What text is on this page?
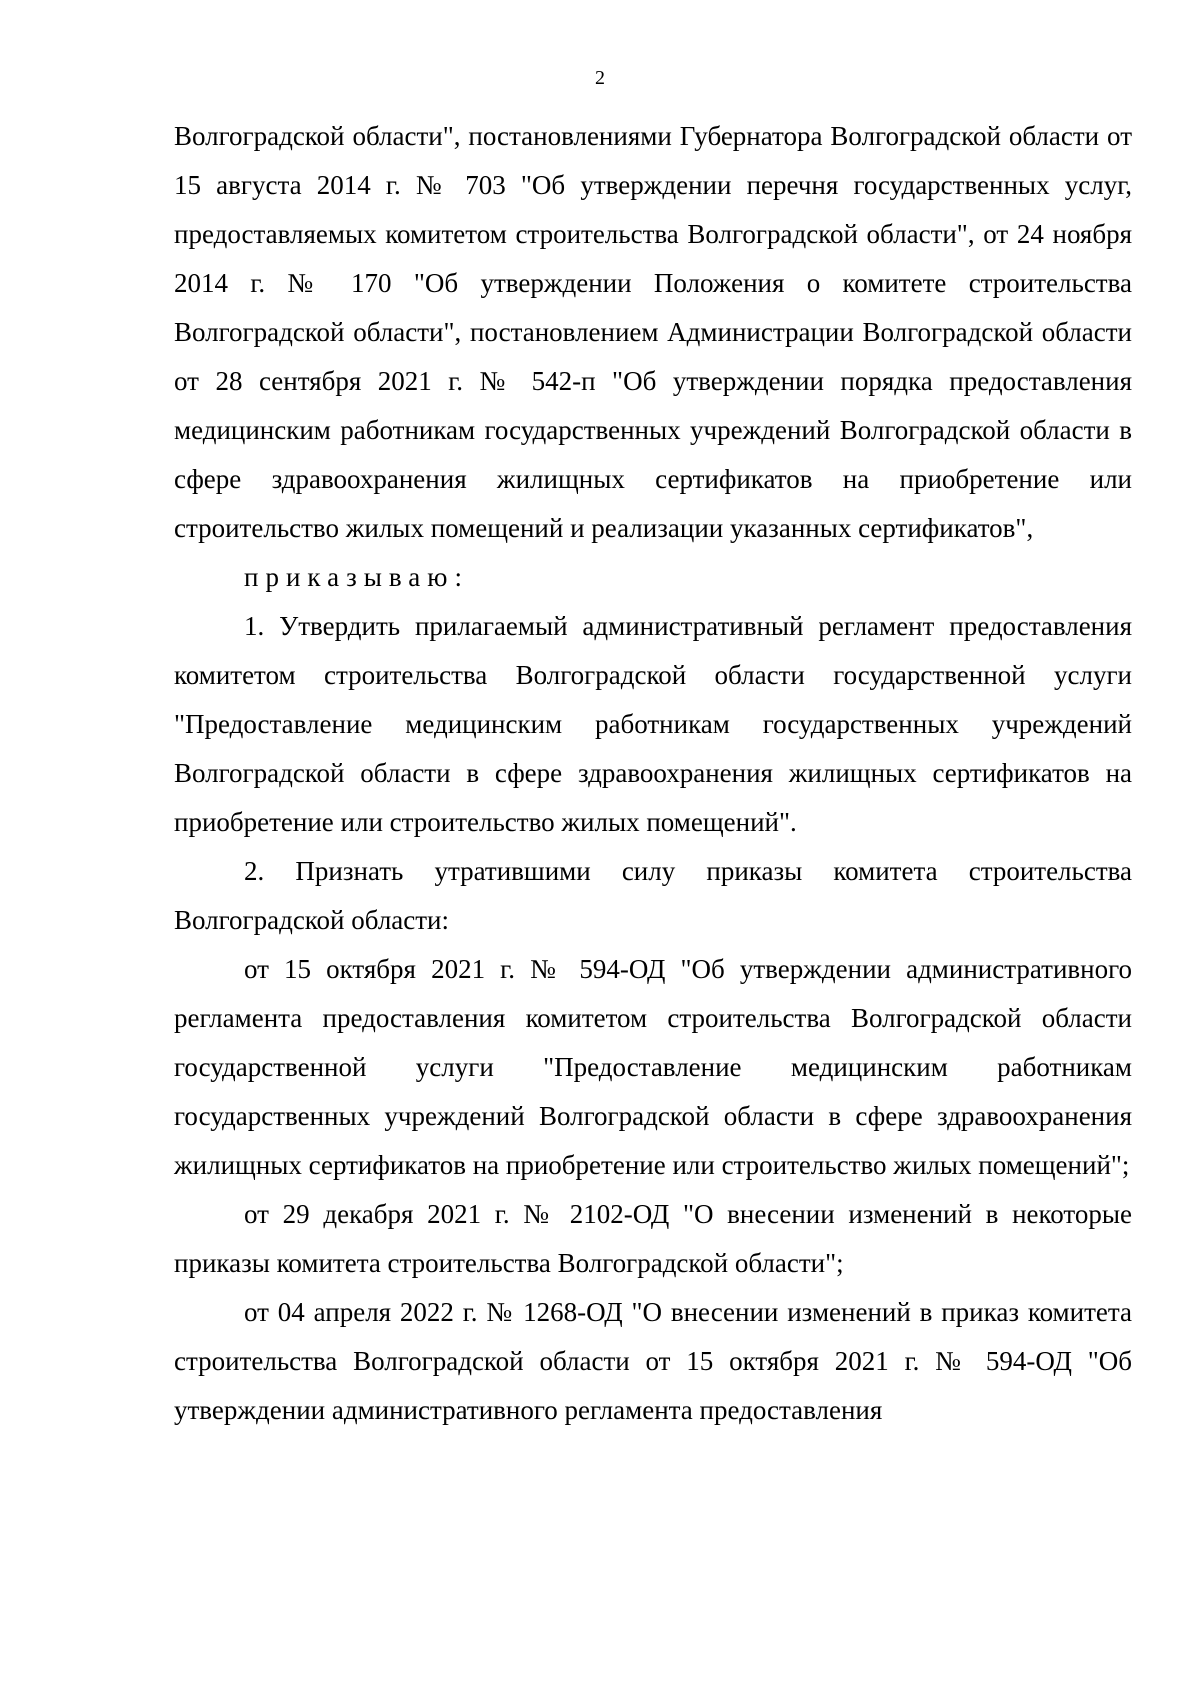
2

Волгоградской области", постановлениями Губернатора Волгоградской области от 15 августа 2014 г. № 703 "Об утверждении перечня государственных услуг, предоставляемых комитетом строительства Волгоградской области", от 24 ноября 2014 г. № 170 "Об утверждении Положения о комитете строительства Волгоградской области", постановлением Администрации Волгоградской области от 28 сентября 2021 г. № 542-п "Об утверждении порядка предоставления медицинским работникам государственных учреждений Волгоградской области в сфере здравоохранения жилищных сертификатов на приобретение или строительство жилых помещений и реализации указанных сертификатов",

приказываю:

1. Утвердить прилагаемый административный регламент предоставления комитетом строительства Волгоградской области государственной услуги "Предоставление медицинским работникам государственных учреждений Волгоградской области в сфере здравоохранения жилищных сертификатов на приобретение или строительство жилых помещений".

2. Признать утратившими силу приказы комитета строительства Волгоградской области:

от 15 октября 2021 г. № 594-ОД "Об утверждении административного регламента предоставления комитетом строительства Волгоградской области государственной услуги "Предоставление медицинским работникам государственных учреждений Волгоградской области в сфере здравоохранения жилищных сертификатов на приобретение или строительство жилых помещений";

от 29 декабря 2021 г. № 2102-ОД "О внесении изменений в некоторые приказы комитета строительства Волгоградской области";

от 04 апреля 2022 г. № 1268-ОД "О внесении изменений в приказ комитета строительства Волгоградской области от 15 октября 2021 г. № 594-ОД "Об утверждении административного регламента предоставления
